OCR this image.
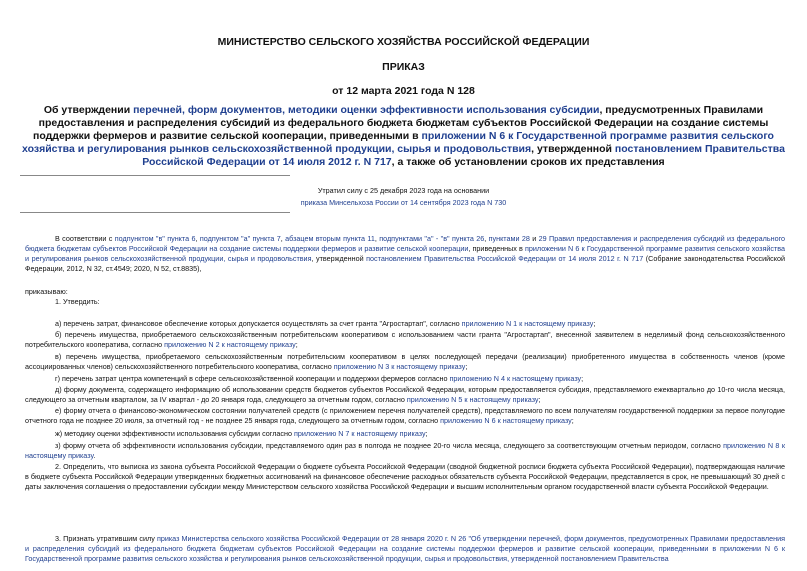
МИНИСТЕРСТВО СЕЛЬСКОГО ХОЗЯЙСТВА РОССИЙСКОЙ ФЕДЕРАЦИИ
ПРИКАЗ
от 12 марта 2021 года N 128

Об утверждении перечней, форм документов, методики оценки эффективности использования субсидии, предусмотренных Правилами предоставления и распределения субсидий из федерального бюджета бюджетам субъектов Российской Федерации на создание системы поддержки фермеров и развитие сельской кооперации, приведенными в приложении N 6 к Государственной программе развития сельского хозяйства и регулирования рынков сельскохозяйственной продукции, сырья и продовольствия, утвержденной постановлением Правительства Российской Федерации от 14 июля 2012 г. N 717, а также об установлении сроков их представления

Утратил силу с 25 декабря 2023 года на основании
приказа Минсельхоза России от 14 сентября 2023 года N 730

В соответствии с подпунктом "в" пункта 6, подпунктом "а" пункта 7, абзацем вторым пункта 11, подпунктами "а" - "в" пункта 26, пунктами 28 и 29 Правил предоставления и распределения субсидий из федерального бюджета бюджетам субъектов Российской Федерации на создание системы поддержки фермеров и развитие сельской кооперации, приведенных в приложении N 6 к Государственной программе развития сельского хозяйства и регулирования рынков сельскохозяйственной продукции, сырья и продовольствия, утвержденной постановлением Правительства Российской Федерации от 14 июля 2012 г. N 717 (Собрание законодательства Российской Федерации, 2012, N 32, ст.4549; 2020, N 52, ст.8835),

приказываю:

1. Утвердить:

а) перечень затрат, финансовое обеспечение которых допускается осуществлять за счет гранта "Агростартап", согласно приложению N 1 к настоящему приказу;

б) перечень имущества, приобретаемого сельскохозяйственным потребительским кооперативом с использованием части гранта "Агростартап", внесенной заявителем в неделимый фонд сельскохозяйственного потребительского кооператива, согласно приложению N 2 к настоящему приказу;

в) перечень имущества, приобретаемого сельскохозяйственным потребительским кооперативом в целях последующей передачи (реализации) приобретенного имущества в собственность членов (кроме ассоциированных членов) сельскохозяйственного потребительского кооператива, согласно приложению N 3 к настоящему приказу;

г) перечень затрат центра компетенций в сфере сельскохозяйственной кооперации и поддержки фермеров согласно приложению N 4 к настоящему приказу;

д) форму документа, содержащего информацию об использовании средств бюджетов субъектов Российской Федерации, которым предоставляется субсидия, представляемого ежеквартально до 10-го числа месяца, следующего за отчетным кварталом, за IV квартал - до 20 января года, следующего за отчетным годом, согласно приложению N 5 к настоящему приказу;

е) форму отчета о финансово-экономическом состоянии получателей средств (с приложением перечня получателей средств), представляемого по всем получателям государственной поддержки за первое полугодие отчетного года не позднее 20 июля, за отчетный год - не позднее 25 января года, следующего за отчетным годом, согласно приложению N 6 к настоящему приказу;

ж) методику оценки эффективности использования субсидии согласно приложению N 7 к настоящему приказу;

з) форму отчета об эффективности использования субсидии, представляемого один раз в полгода не позднее 20-го числа месяца, следующего за соответствующим отчетным периодом, согласно приложению N 8 к настоящему приказу.

2. Определить, что выписка из закона субъекта Российской Федерации о бюджете субъекта Российской Федерации (сводной бюджетной росписи бюджета субъекта Российской Федерации), подтверждающая наличие в бюджете субъекта Российской Федерации утвержденных бюджетных ассигнований на финансовое обеспечение расходных обязательств субъекта Российской Федерации, представляется в срок, не превышающий 30 дней с даты заключения соглашения о предоставлении субсидии между Министерством сельского хозяйства Российской Федерации и высшим исполнительным органом государственной власти субъекта Российской Федерации.

3. Признать утратившим силу приказ Министерства сельского хозяйства Российской Федерации от 28 января 2020 г. N 26 "Об утверждении перечней, форм документов, предусмотренных Правилами предоставления и распределения субсидий из федерального бюджета бюджетам субъектов Российской Федерации на создание системы поддержки фермеров и развитие сельской кооперации, приведенными в приложении N 6 к Государственной программе развития сельского хозяйства и регулирования рынков сельскохозяйственной продукции, сырья и продовольствия, утвержденной постановлением Правительства
